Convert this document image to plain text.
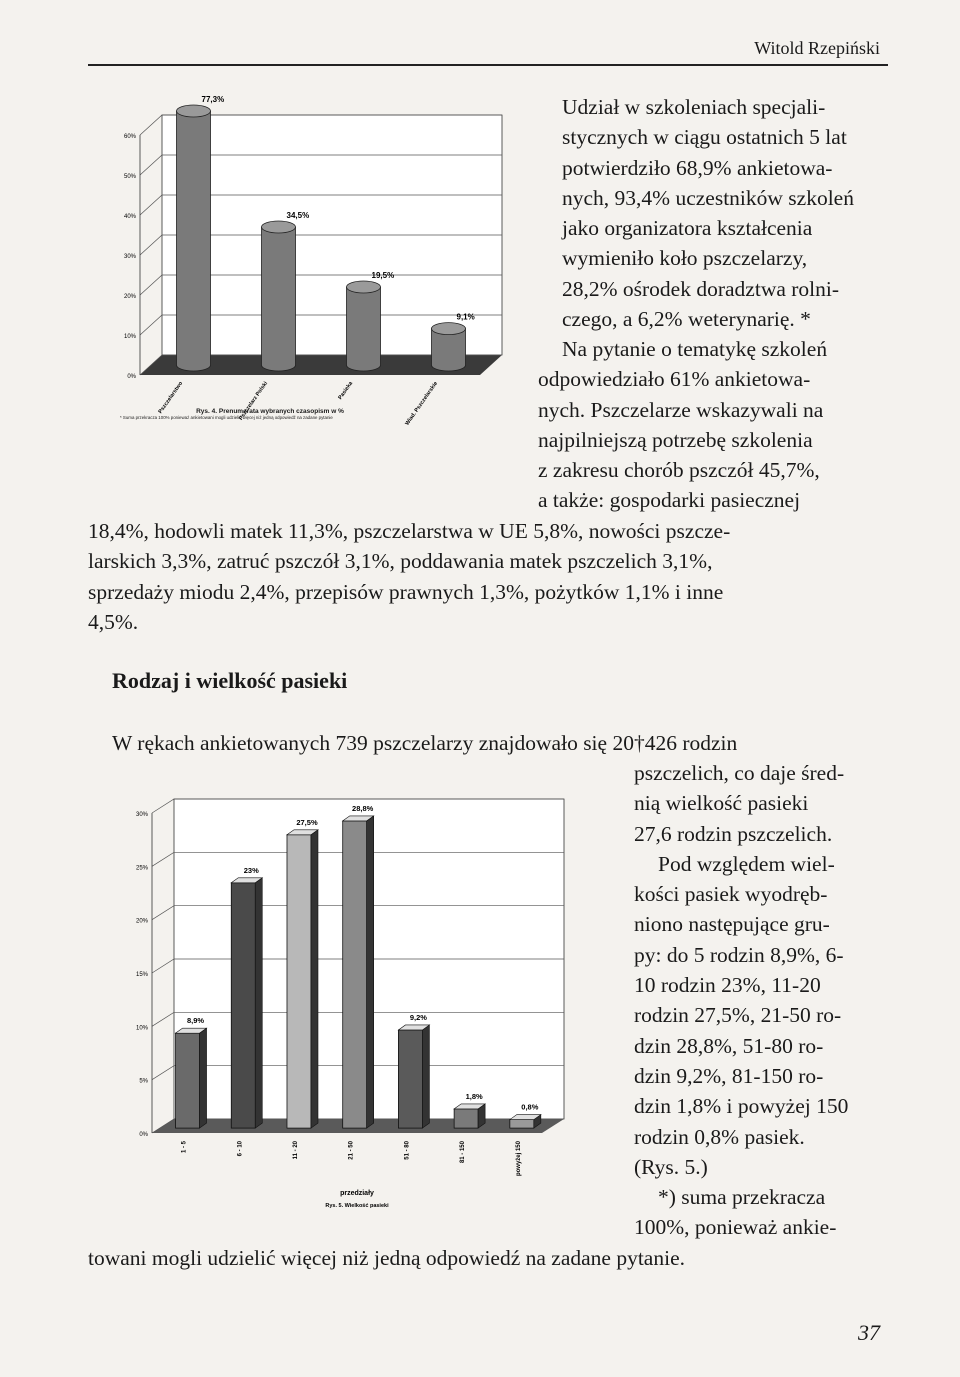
Witold Rzepiński
0%
10%
20%
30%
40%
50%
60%
77,3%
Pszczelarstwo
34,5%
Pszczelarz Polski
19,5%
Pasieka
9,1%
Wiad. Pszczelarskie
Rys. 4. Prenumerata wybranych czasopism w %
* Suma przekracza 100% ponieważ ankietowani mogli udzielić więcej niż jedną odpowiedź na zadane pytanie
Udział w szkoleniach specjali-
stycznych w ciągu ostatnich 5 lat
potwierdziło 68,9% ankietowa-
nych, 93,4% uczestników szkoleń
jako organizatora kształcenia
wymieniło koło pszczelarzy,
28,2% ośrodek doradztwa rolni-
czego, a 6,2% weterynarię. *
Na pytanie o tematykę szkoleń
odpowiedziało 61% ankietowa-
nych. Pszczelarze wskazywali na
najpilniejszą potrzebę szkolenia
z zakresu chorób pszczół 45,7%,
a także: gospodarki pasiecznej
18,4%, hodowli matek 11,3%, pszczelarstwa w UE 5,8%, nowości pszcze-
larskich 3,3%, zatruć pszczół 3,1%, poddawania matek pszczelich 3,1%,
sprzedaży miodu 2,4%, przepisów prawnych 1,3%, pożytków 1,1% i inne
4,5%.
Rodzaj i wielkość pasieki
W rękach ankietowanych 739 pszczelarzy znajdowało się 20†426 rodzin
pszczelich, co daje śred-
nią wielkość pasieki
27,6 rodzin pszczelich.
Pod względem wiel-
kości pasiek wyodręb-
niono następujące gru-
py: do 5 rodzin 8,9%, 6-
10 rodzin 23%, 11-20
rodzin 27,5%, 21-50 ro-
dzin 28,8%, 51-80 ro-
dzin 9,2%, 81-150 ro-
dzin 1,8% i powyżej 150
rodzin 0,8% pasiek.
(Rys. 5.)
*) suma przekracza
100%, ponieważ ankie-
towani mogli udzielić więcej niż jedną odpowiedź na zadane pytanie.
0%
5%
10%
15%
20%
25%
30%
8,9%
1 - 5
23%
6 - 10
27,5%
11 - 20
28,8%
21 - 50
9,2%
51 - 80
1,8%
81 - 150
0,8%
powyżej 150
przedziały
Rys. 5. Wielkość pasieki
37
